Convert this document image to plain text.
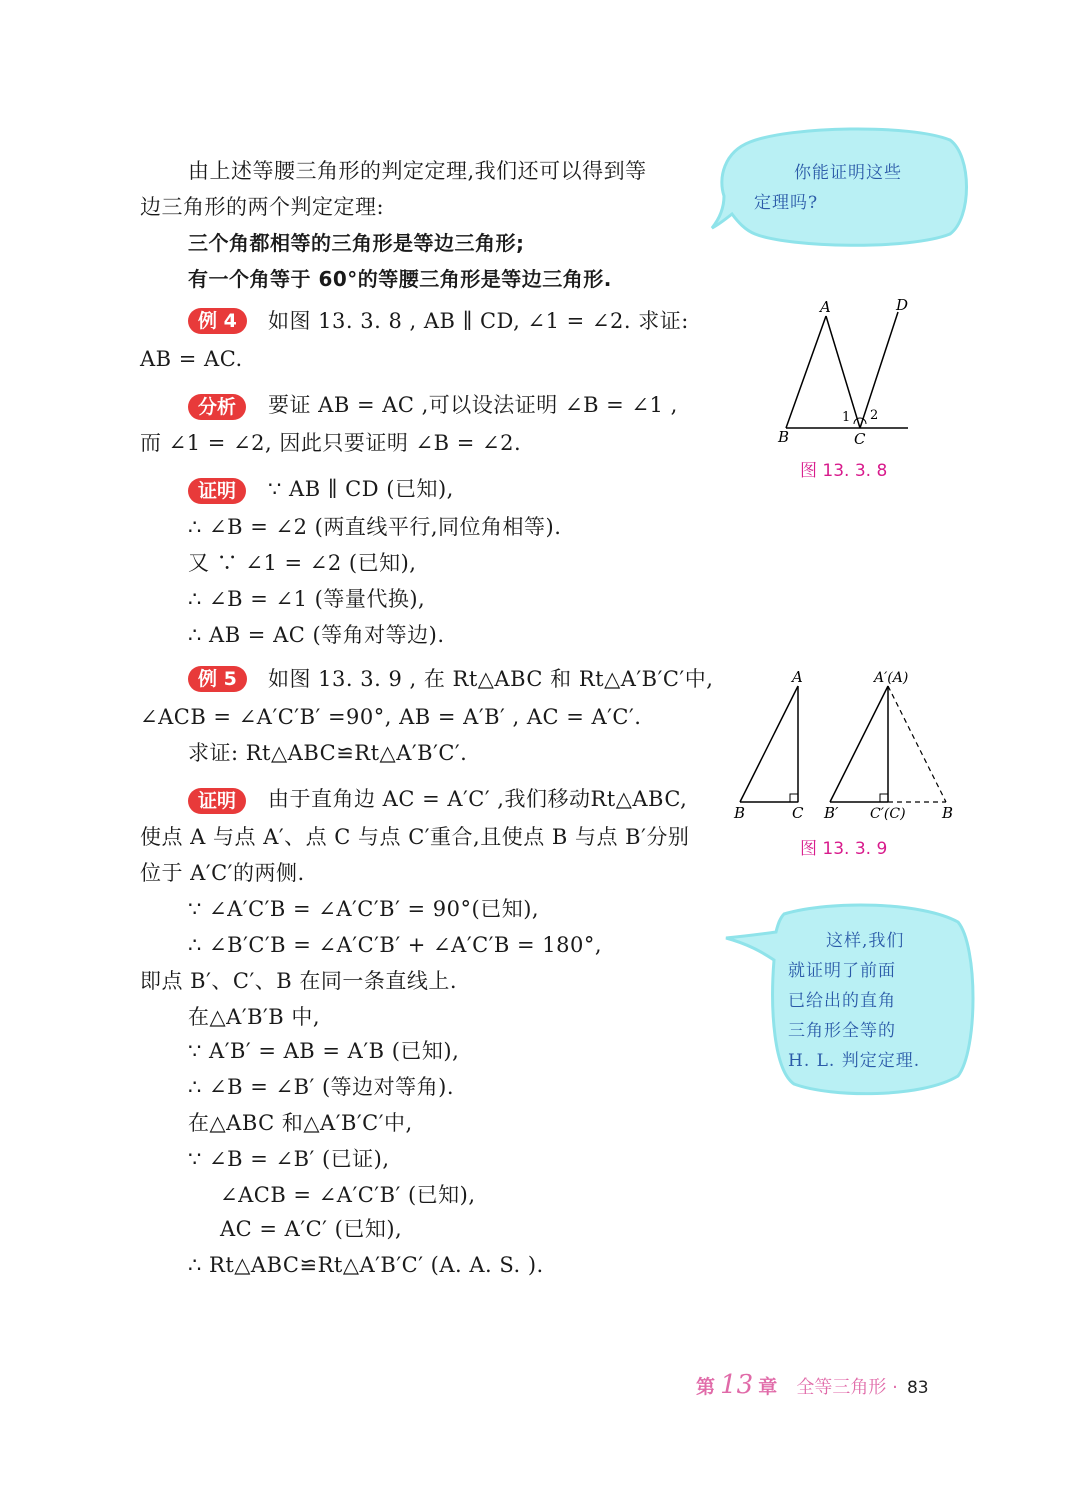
由上述等腰三角形的判定定理,我们还可以得到等
边三角形的两个判定定理:
三个角都相等的三角形是等边三角形;
有一个角等于 60°的等腰三角形是等边三角形.
你能证明这些
定理吗?
例 4	如图 13. 3. 8 , AB ∥ CD, ∠1 = ∠2. 求证:
AB = AC.
分析	要证 AB = AC ,可以设法证明 ∠B = ∠1 ,
而 ∠1 = ∠2, 因此只要证明 ∠B = ∠2.
证明	∵ AB ∥ CD (已知),
∴ ∠B = ∠2 (两直线平行,同位角相等).
又 ∵ ∠1 = ∠2 (已知),
∴ ∠B = ∠1 (等量代换),
∴ AB = AC (等角对等边).
A	D
B	C
1 2
图 13. 3. 8
例 5	如图 13. 3. 9 , 在 Rt△ABC 和 Rt△A′B′C′中,
∠ACB = ∠A′C′B′ =90°, AB = A′B′ , AC = A′C′.
求证: Rt△ABC≌Rt△A′B′C′.
A
B	C
A′(A)
B′ C′(C) B
图 13. 3. 9
证明	由于直角边 AC = A′C′ ,我们移动Rt△ABC,
使点 A 与点 A′、点 C 与点 C′重合,且使点 B 与点 B′分别
位于 A′C′的两侧.
∵ ∠A′C′B = ∠A′C′B′ = 90°(已知),
∴ ∠B′C′B = ∠A′C′B′ + ∠A′C′B = 180°,
即点 B′、C′、B 在同一条直线上.
在△A′B′B 中,
∵ A′B′ = AB = A′B (已知),
∴ ∠B = ∠B′ (等边对等角).
在△ABC 和△A′B′C′中,
∵ ∠B = ∠B′ (已证),
∠ACB = ∠A′C′B′ (已知),
AC = A′C′ (已知),
∴ Rt△ABC≌Rt△A′B′C′ (A. A. S. ).
这样,我们
就证明了前面
已给出的直角
三角形全等的
H. L. 判定定理.
第 13 章 全等三角形 · 83
